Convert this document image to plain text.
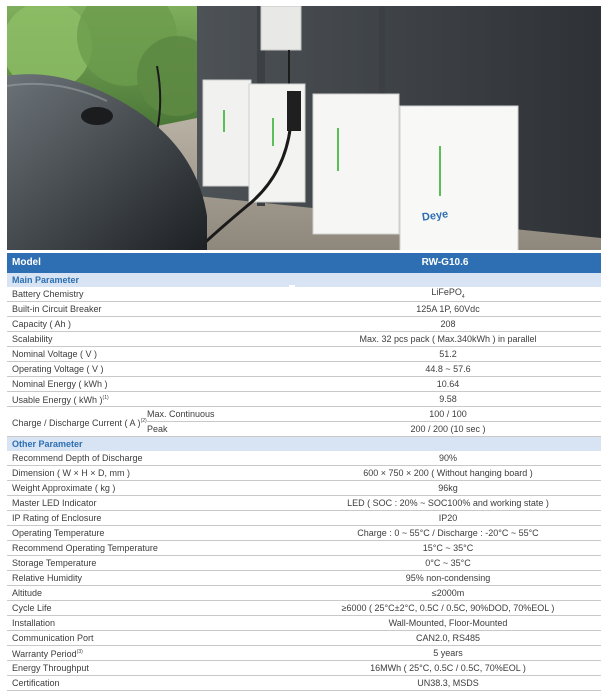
Deye
Model	RW-G10.6
Main Parameter
Battery Chemistry	LiFePO$_4$
Built-in Circuit Breaker	125A 1P, 60Vdc
Capacity ( Ah )	208
Scalability	Max. 32 pcs pack ( Max.340kWh ) in parallel
Nominal Voltage ( V )	51.2
Operating Voltage ( V )	44.8 ~ 57.6
Nominal Energy ( kWh )	10.64
Usable Energy ( kWh )$^{(1)}$	9.58
Charge / Discharge Current ( A )$^{(2)}$
Max. Continuous	100 / 100
Peak	200 / 200 (10 sec )
Other Parameter
Recommend Depth of Discharge	90%
Dimension ( W × H × D, mm )	600 × 750 × 200 ( Without hanging board )
Weight Approximate ( kg )	96kg
Master LED Indicator	LED ( SOC : 20% ~ SOC100% and working state )
IP Rating of Enclosure	IP20
Operating Temperature	Charge : 0 ~ 55°C / Discharge : -20°C ~ 55°C
Recommend Operating Temperature	15°C ~ 35°C
Storage Temperature	0°C ~ 35°C
Relative Humidity	95% non-condensing
Altitude	≤2000m
Cycle Life	≥6000 ( 25°C±2°C, 0.5C / 0.5C, 90%DOD, 70%EOL )
Installation	Wall-Mounted, Floor-Mounted
Communication Port	CAN2.0, RS485
Warranty Period$^{(3)}$	5 years
Energy Throughput	16MWh ( 25°C, 0.5C / 0.5C, 70%EOL )
Certification	UN38.3, MSDS
